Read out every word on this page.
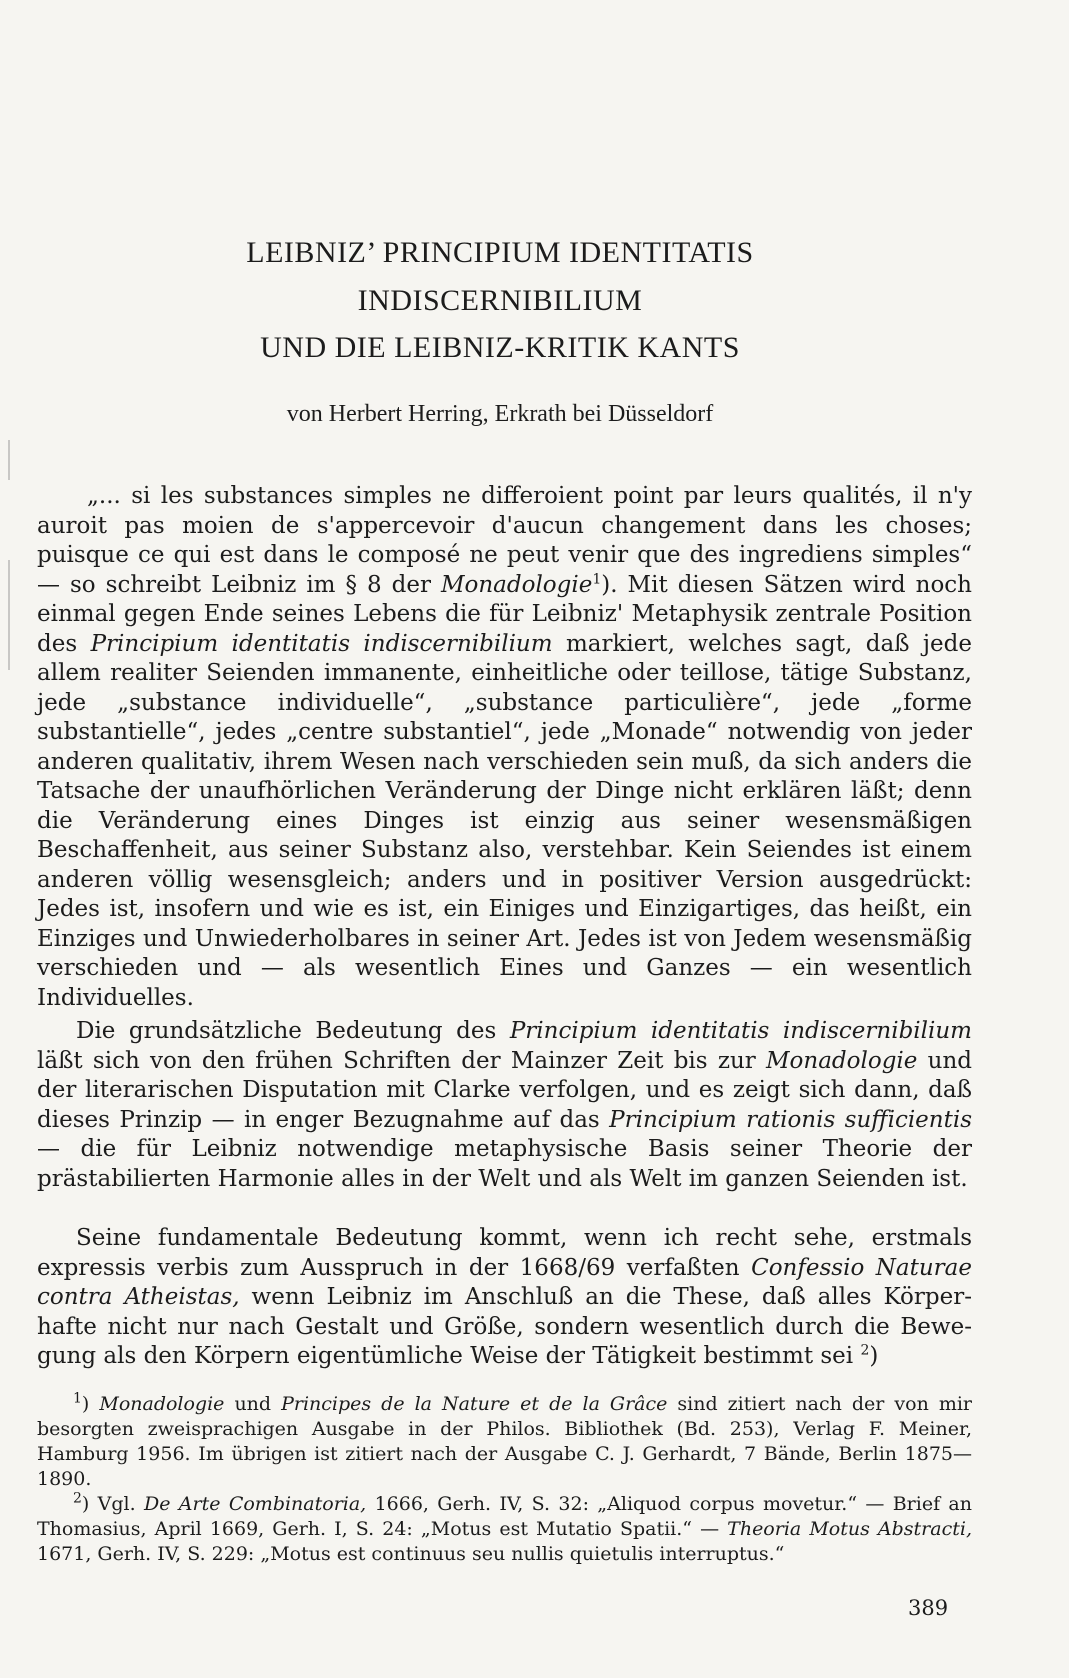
LEIBNIZ’ PRINCIPIUM IDENTITATIS
INDISCERNIBILIUM
UND DIE LEIBNIZ-KRITIK KANTS
von Herbert Herring, Erkrath bei Düsseldorf

„... si les substances simples ne differoient point par leurs qualités, il n'y auroit pas moien de s'appercevoir d'aucun changement dans les choses; puisque ce qui est dans le composé ne peut venir que des ingrediens simples“ — so schreibt Leibniz im § 8 der Monadologie$^1$). Mit diesen Sätzen wird noch einmal gegen Ende seines Lebens die für Leibniz' Metaphysik zentrale Position des Principium identitatis indiscernibilium markiert, welches sagt, daß jede allem realiter Seienden immanente, einheitliche oder teillose, tätige Substanz, jede „substance individuelle“, „substance particulière“, jede „forme substantielle“, jedes „centre substantiel“, jede „Monade“ notwendig von jeder anderen qualitativ, ihrem Wesen nach verschieden sein muß, da sich anders die Tatsache der unaufhörlichen Veränderung der Dinge nicht erklären läßt; denn die Veränderung eines Dinges ist einzig aus seiner wesensmäßigen Beschaffenheit, aus seiner Substanz also, verstehbar. Kein Seiendes ist einem anderen völlig wesensgleich; anders und in positiver Version ausgedrückt: Jedes ist, insofern und wie es ist, ein Einiges und Einzigartiges, das heißt, ein Einziges und Unwiederholbares in seiner Art. Jedes ist von Jedem wesensmäßig verschieden und — als wesentlich Eines und Ganzes — ein wesentlich Individuelles.

Die grundsätzliche Bedeutung des Principium identitatis indiscernibilium läßt sich von den frühen Schriften der Mainzer Zeit bis zur Monadologie und der literarischen Disputation mit Clarke verfolgen, und es zeigt sich dann, daß dieses Prinzip — in enger Bezugnahme auf das Principium rationis sufficientis — die für Leibniz notwendige metaphysische Basis seiner Theorie der prästabilierten Harmonie alles in der Welt und als Welt im ganzen Seienden ist.

Seine fundamentale Bedeutung kommt, wenn ich recht sehe, erstmals expressis verbis zum Ausspruch in der 1668/69 verfaßten Confessio Naturae contra Atheistas, wenn Leibniz im Anschluß an die These, daß alles Körperhafte nicht nur nach Gestalt und Größe, sondern wesentlich durch die Bewegung als den Körpern eigentümliche Weise der Tätigkeit bestimmt sei $^2$)

$^1$) Monadologie und Principes de la Nature et de la Grâce sind zitiert nach der von mir besorgten zweisprachigen Ausgabe in der Philos. Bibliothek (Bd. 253), Verlag F. Meiner, Hamburg 1956. Im übrigen ist zitiert nach der Ausgabe C. J. Gerhardt, 7 Bände, Berlin 1875—1890.

$^2$) Vgl. De Arte Combinatoria, 1666, Gerh. IV, S. 32: „Aliquod corpus movetur.“ — Brief an Thomasius, April 1669, Gerh. I, S. 24: „Motus est Mutatio Spatii.“ — Theoria Motus Abstracti, 1671, Gerh. IV, S. 229: „Motus est continuus seu nullis quietulis interruptus.“

389
